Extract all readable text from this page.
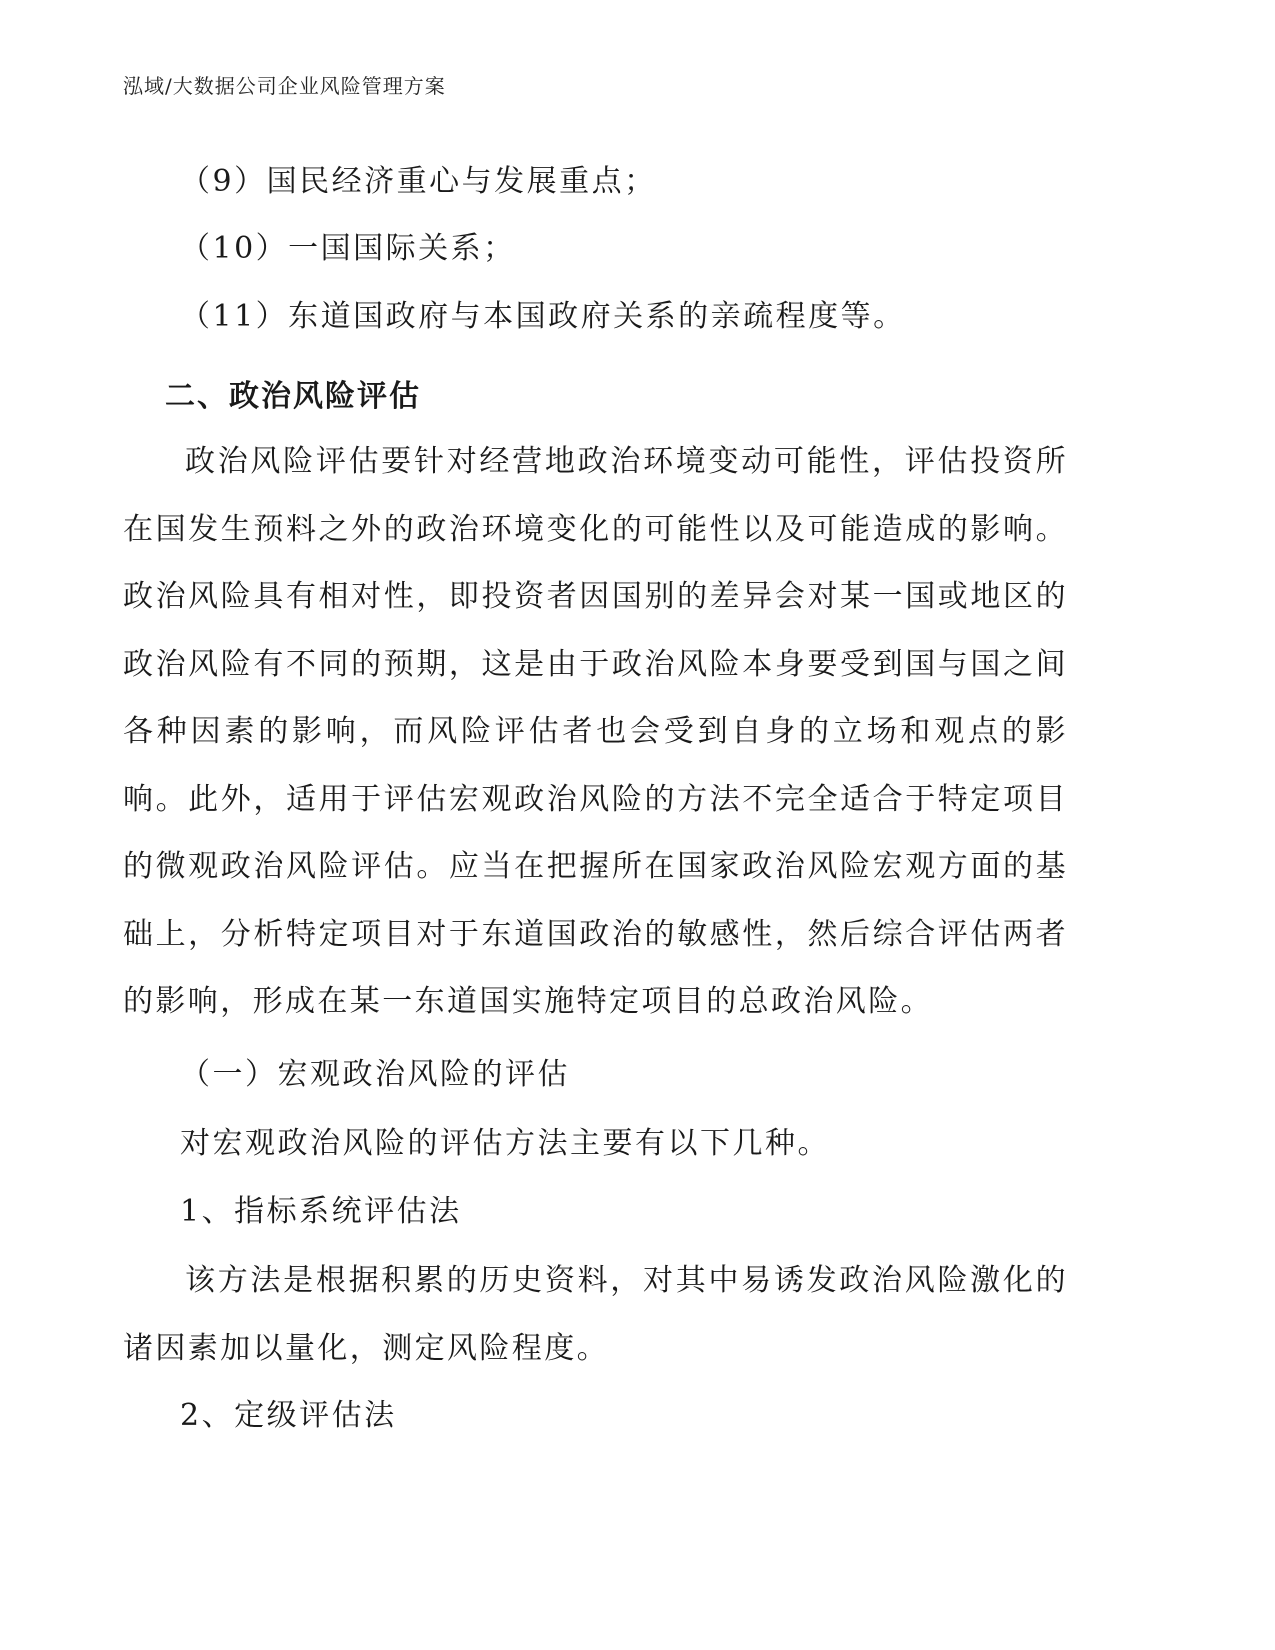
泓域/大数据公司企业风险管理方案
（9）国民经济重心与发展重点；
（10）一国国际关系；
（11）东道国政府与本国政府关系的亲疏程度等。
二、政治风险评估
政治风险评估要针对经营地政治环境变动可能性，评估投资所在国发生预料之外的政治环境变化的可能性以及可能造成的影响。政治风险具有相对性，即投资者因国别的差异会对某一国或地区的政治风险有不同的预期，这是由于政治风险本身要受到国与国之间各种因素的影响，而风险评估者也会受到自身的立场和观点的影响。此外，适用于评估宏观政治风险的方法不完全适合于特定项目的微观政治风险评估。应当在把握所在国家政治风险宏观方面的基础上，分析特定项目对于东道国政治的敏感性，然后综合评估两者的影响，形成在某一东道国实施特定项目的总政治风险。
（一）宏观政治风险的评估
对宏观政治风险的评估方法主要有以下几种。
1、指标系统评估法
该方法是根据积累的历史资料，对其中易诱发政治风险激化的诸因素加以量化，测定风险程度。
2、定级评估法
